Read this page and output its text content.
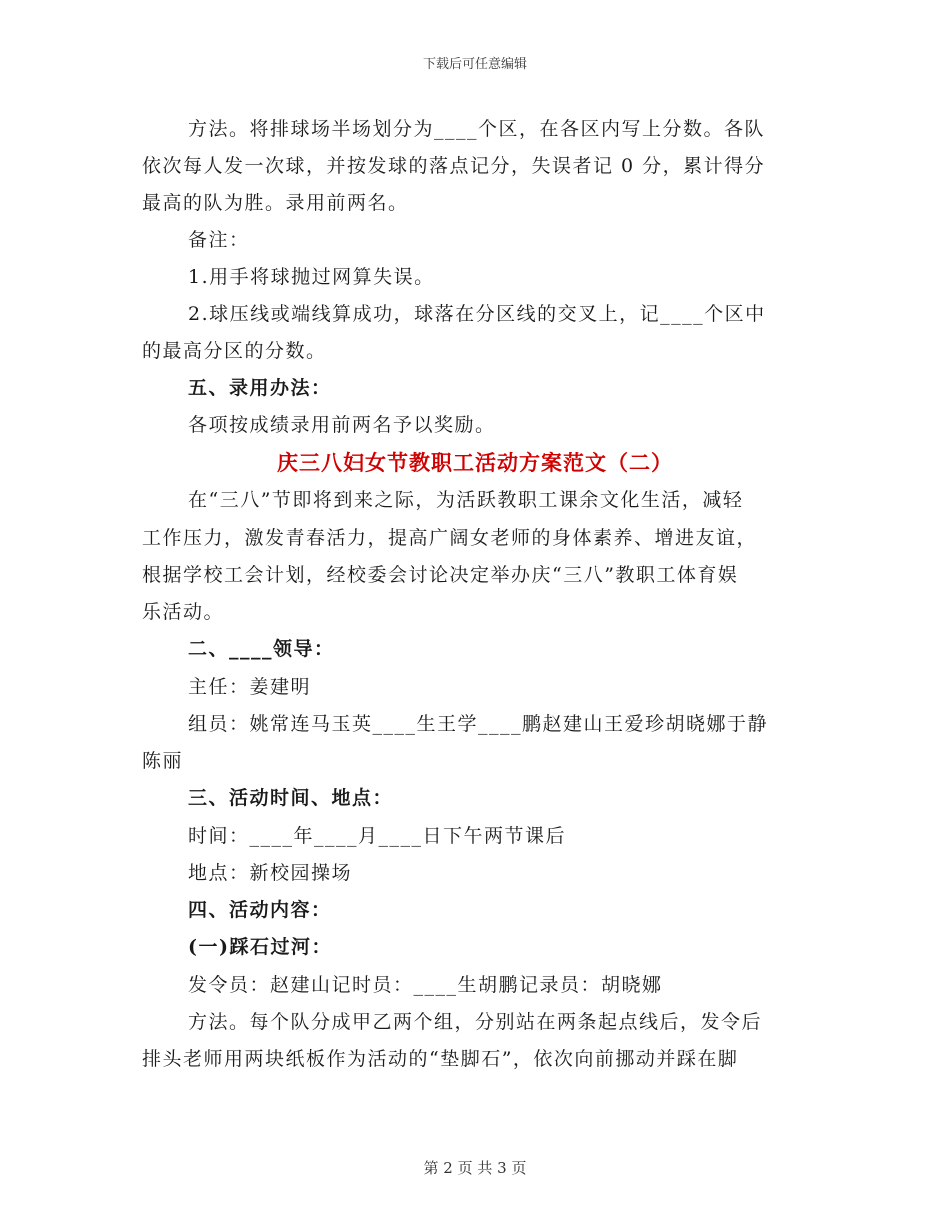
下载后可任意编辑
方法。将排球场半场划分为____个区，在各区内写上分数。各队
依次每人发一次球，并按发球的落点记分，失误者记 0 分，累计得分
最高的队为胜。录用前两名。
备注：
1.用手将球抛过网算失误。
2.球压线或端线算成功，球落在分区线的交叉上，记____个区中
的最高分区的分数。
五、录用办法：
各项按成绩录用前两名予以奖励。
庆三八妇女节教职工活动方案范文（二）
在“三八”节即将到来之际，为活跃教职工课余文化生活，减轻
工作压力，激发青春活力，提高广阔女老师的身体素养、增进友谊，
根据学校工会计划，经校委会讨论决定举办庆“三八”教职工体育娱
乐活动。
二、____领导：
主任：姜建明
组员：姚常连马玉英____生王学____鹏赵建山王爱珍胡晓娜于静
陈丽
三、活动时间、地点：
时间：____年____月____日下午两节课后
地点：新校园操场
四、活动内容：
(一)踩石过河：
发令员：赵建山记时员：____生胡鹏记录员：胡晓娜
方法。每个队分成甲乙两个组，分别站在两条起点线后，发令后
排头老师用两块纸板作为活动的“垫脚石”，依次向前挪动并踩在脚
第 2 页 共 3 页
